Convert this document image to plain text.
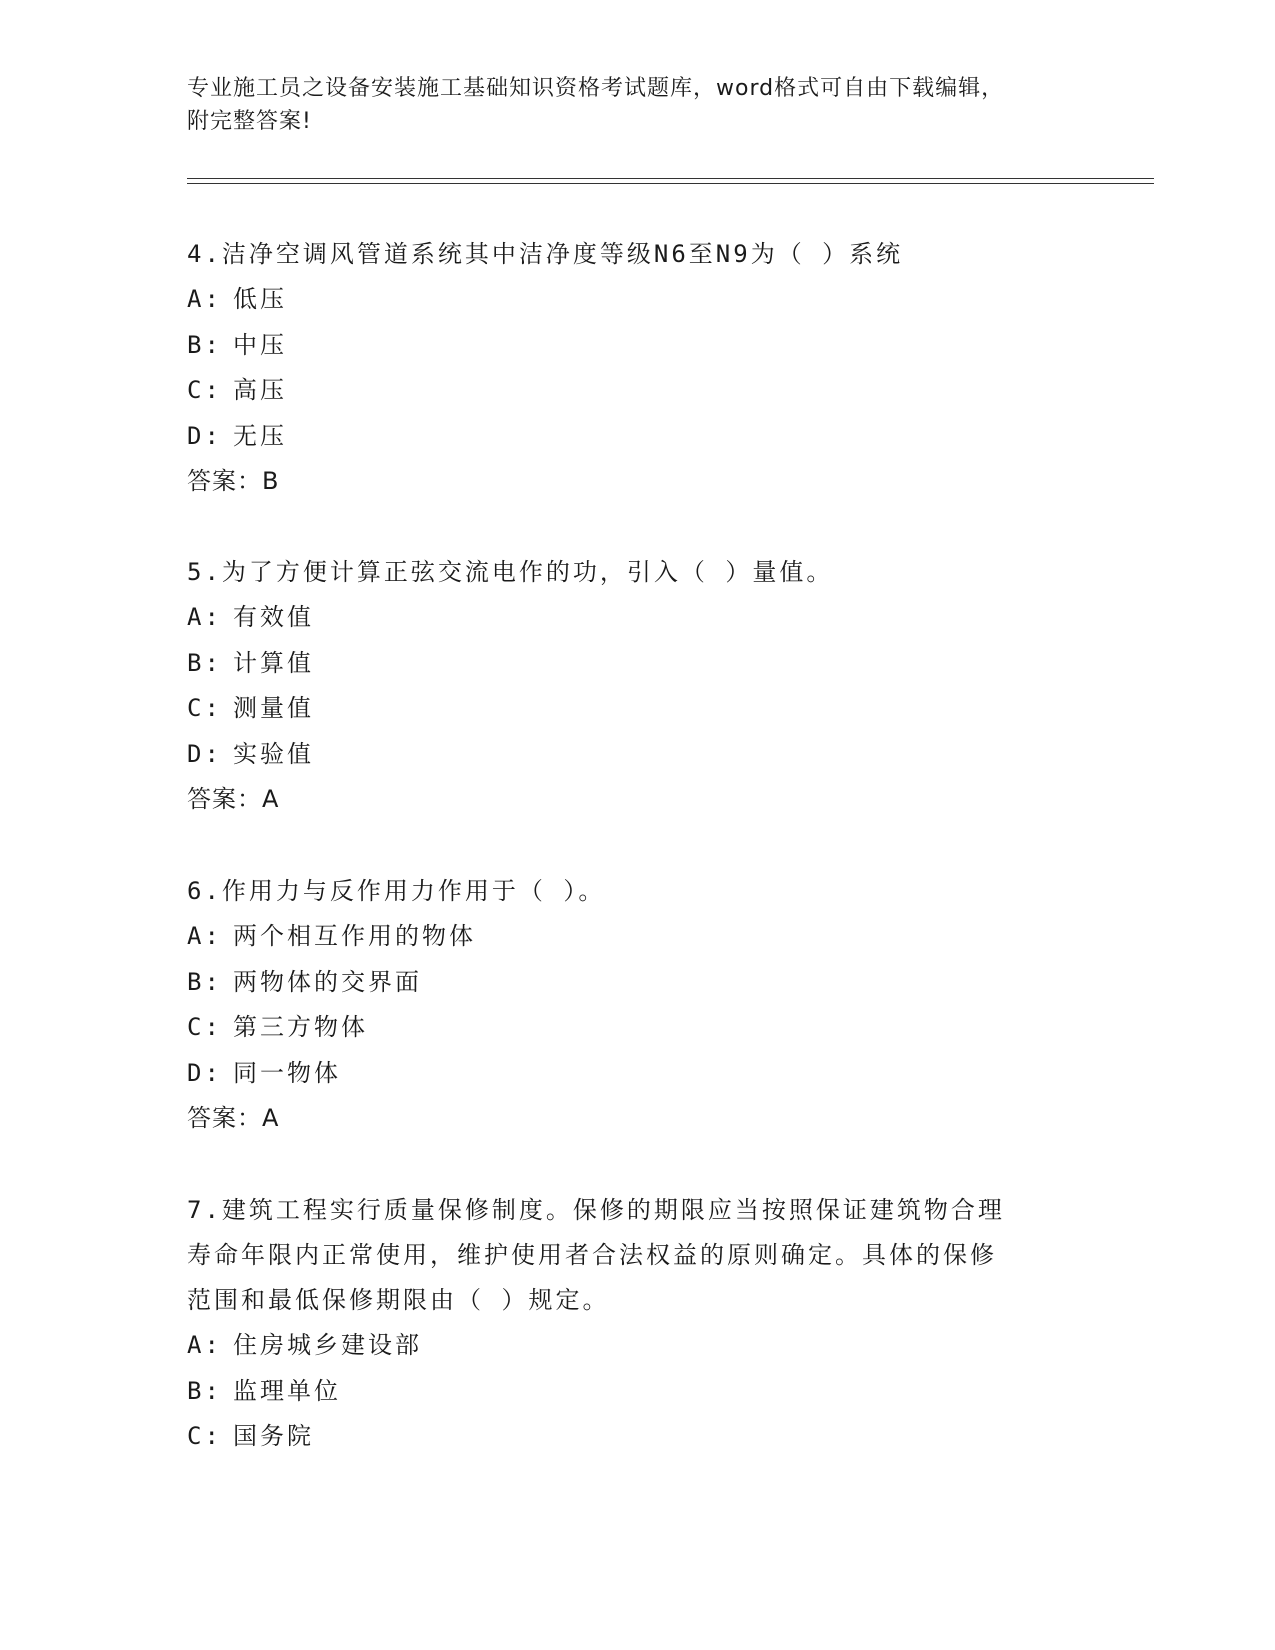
专业施工员之设备安装施工基础知识资格考试题库，word格式可自由下载编辑，
附完整答案!
4.洁净空调风管道系统其中洁净度等级N6至N9为（ ）系统
A: 低压
B: 中压
C: 高压
D: 无压
答案：B
5.为了方便计算正弦交流电作的功，引入（ ）量值。
A: 有效值
B: 计算值
C: 测量值
D: 实验值
答案：A
6.作用力与反作用力作用于（ ）。
A: 两个相互作用的物体
B: 两物体的交界面
C: 第三方物体
D: 同一物体
答案：A
7.建筑工程实行质量保修制度。保修的期限应当按照保证建筑物合理
寿命年限内正常使用，维护使用者合法权益的原则确定。具体的保修
范围和最低保修期限由（ ）规定。
A: 住房城乡建设部
B: 监理单位
C: 国务院
